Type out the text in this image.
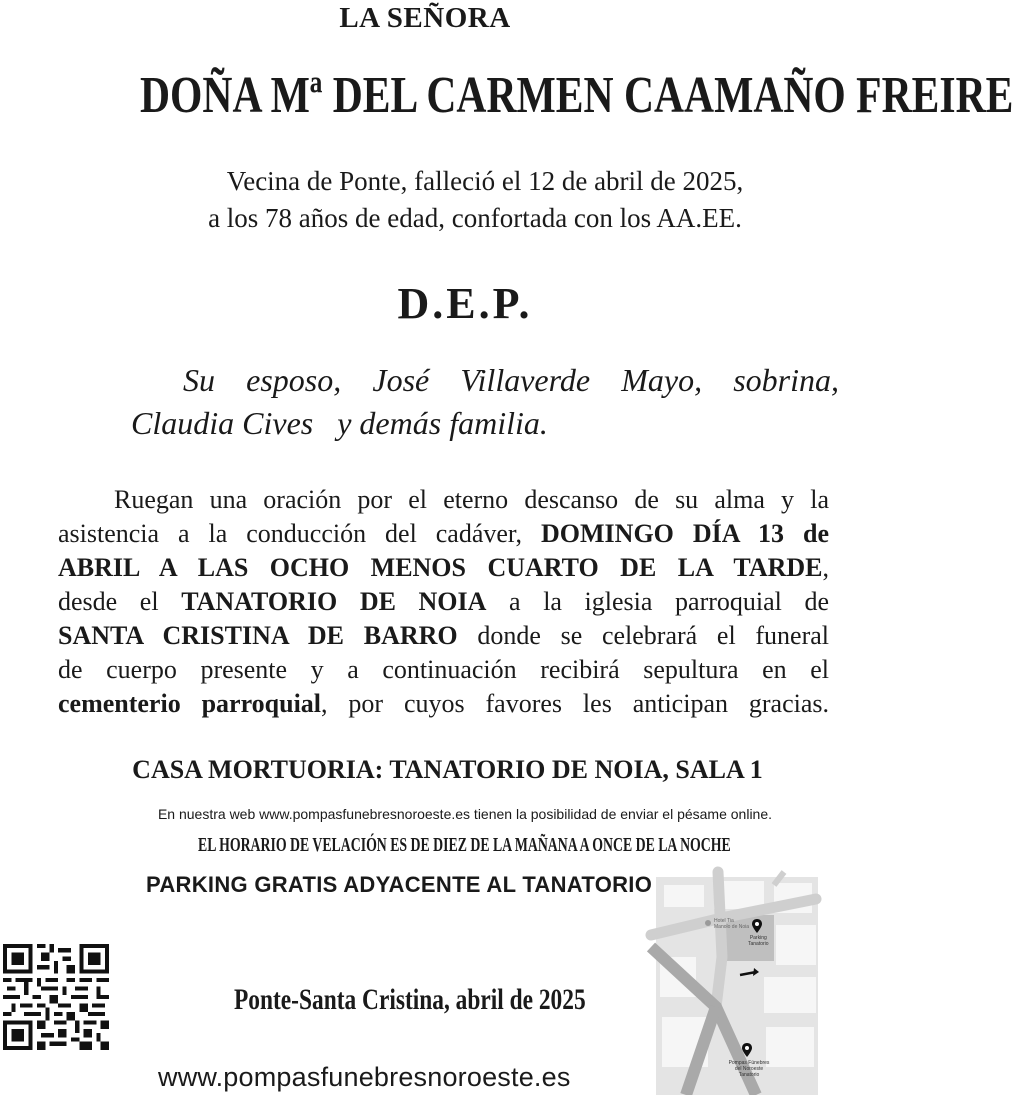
LA SEÑORA
DOÑA Mª DEL CARMEN CAAMAÑO FREIRE
Vecina de Ponte, falleció el 12 de abril de 2025,
a los 78 años de edad, confortada con los AA.EE.
D.E.P.
Su esposo, José Villaverde Mayo, sobrina,
Claudia Cives   y demás familia.
Ruegan una oración por el eterno descanso de su alma y la
asistencia a la conducción del cadáver, DOMINGO DÍA 13 de
ABRIL A LAS OCHO MENOS CUARTO DE LA TARDE,
desde el TANATORIO DE NOIA a la iglesia parroquial de
SANTA CRISTINA DE BARRO donde se celebrará el funeral
de cuerpo presente y a continuación recibirá sepultura en el
cementerio parroquial, por cuyos favores les anticipan gracias.
CASA MORTUORIA: TANATORIO DE NOIA, SALA 1
En nuestra web www.pompasfunebresnoroeste.es tienen la posibilidad de enviar el pésame online.
EL HORARIO DE VELACIÓN ES DE DIEZ DE LA MAÑANA A ONCE DE LA NOCHE
PARKING GRATIS ADYACENTE AL TANATORIO
Ponte-Santa Cristina, abril de 2025
www.pompasfunebresnoroeste.es
Hotel Tia
Manolo de Noia
Parking
Tanatorio
Pompas Fúnebres
del Noroeste
Tanatorio
